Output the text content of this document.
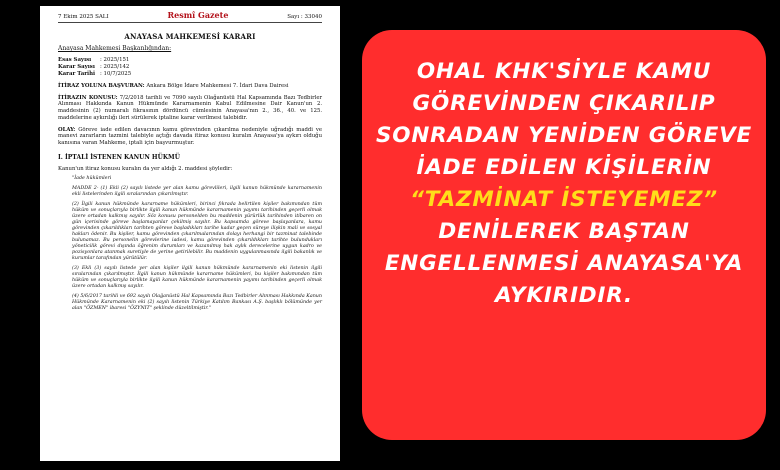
7 Ekim 2025 SALI	Resmî Gazete	Sayı : 33040
ANAYASA MAHKEMESİ KARARI
Anayasa Mahkemesi Başkanlığından:
Esas Sayısı : 2025/151
Karar Sayısı : 2025/142
Karar Tarihi : 10/7/2025
İTİRAZ YOLUNA BAŞVURAN: Ankara Bölge İdare Mahkemesi 7. İdari Dava Dairesi
İTİRAZIN KONUSU: 7/2/2018 tarihli ve 7090 sayılı Olağanüstü Hal Kapsamında Bazı Tedbirler Alınması Hakkında Kanun Hükmünde Kararnamenin Kabul Edilmesine Dair Kanun'un 2. maddesinin (2) numaralı fıkrasının dördüncü cümlesinin Anayasa'nın 2., 36., 40. ve 125. maddelerine aykırılığı ileri sürülerek iptaline karar verilmesi talebidir.
OLAY: Göreve iade edilen davacının kamu görevinden çıkarılma nedeniyle uğradığı maddi ve manevi zararların tazmini talebiyle açtığı davada itiraz konusu kuralın Anayasa'ya aykırı olduğu kanısına varan Mahkeme, iptali için başvurmuştur.
I. İPTALİ İSTENEN KANUN HÜKMÜ
Kanun'un itiraz konusu kuralın da yer aldığı 2. maddesi şöyledir:
"İade hükümleri
MADDE 2- (1) Ekli (2) sayılı listede yer alan kamu görevlileri, ilgili kanun hükmünde kararnamenin ekli listelerinden ilgili sıralarından çıkarılmıştır.
(2) İlgili kanun hükmünde kararname hükümleri, birinci fıkrada belirtilen kişiler bakımından tüm hüküm ve sonuçlarıyla birlikte ilgili kanun hükmünde kararnamenin yayımı tarihinden geçerli olmak üzere ortadan kalkmış sayılır. Söz konusu personelden bu maddenin yürürlük tarihinden itibaren on gün içerisinde göreve başlamayanlar çekilmiş sayılır. Bu kapsamda göreve başlayanlara, kamu görevinden çıkarıldıkları tarihten göreve başladıkları tarihe kadar geçen süreye ilişkin mali ve sosyal hakları ödenir. Bu kişiler, kamu görevinden çıkarılmalarından dolayı herhangi bir tazminat talebinde bulunamaz. Bu personelin görevlerine iadesi, kamu görevinden çıkarıldıkları tarihte bulundukları yöneticilik görevi dışında öğrenim durumları ve kazanılmış hak aylık derecelerine uygun kadro ve pozisyonlara atanmak suretiyle de yerine getirilebilir. Bu maddenin uygulanmasında ilgili bakanlık ve kurumlar tarafından yürütülür.
(3) Ekli (3) sayılı listede yer alan kişiler ilgili kanun hükmünde kararnamenin eki listenin ilgili sıralarından çıkarılmıştır. İlgili kanun hükmünde kararname hükümleri, bu kişiler bakımından tüm hüküm ve sonuçlarıyla birlikte ilgili kanun hükmünde kararnamenin yayımı tarihinden geçerli olmak üzere ortadan kalkmış sayılır.
(4) 5/6/2017 tarihli ve 692 sayılı Olağanüstü Hal Kapsamında Bazı Tedbirler Alınması Hakkında Kanun Hükmünde Kararnamenin eki (2) sayılı listenin Türkiye Katılım Bankası A.Ş. başlıklı bölümünde yer alan "ÖZMEN" ibaresi "ÖZYNIT" şeklinde düzeltilmiştir."
OHAL KHK'SİYLE KAMU
GÖREVİNDEN ÇIKARILIP
SONRADAN YENİDEN GÖREVE
İADE EDİLEN KİŞİLERİN
“TAZMİNAT İSTEYEMEZ”
DENİLEREK BAŞTAN
ENGELLENMESİ ANAYASA'YA
AYKIRIDIR.
